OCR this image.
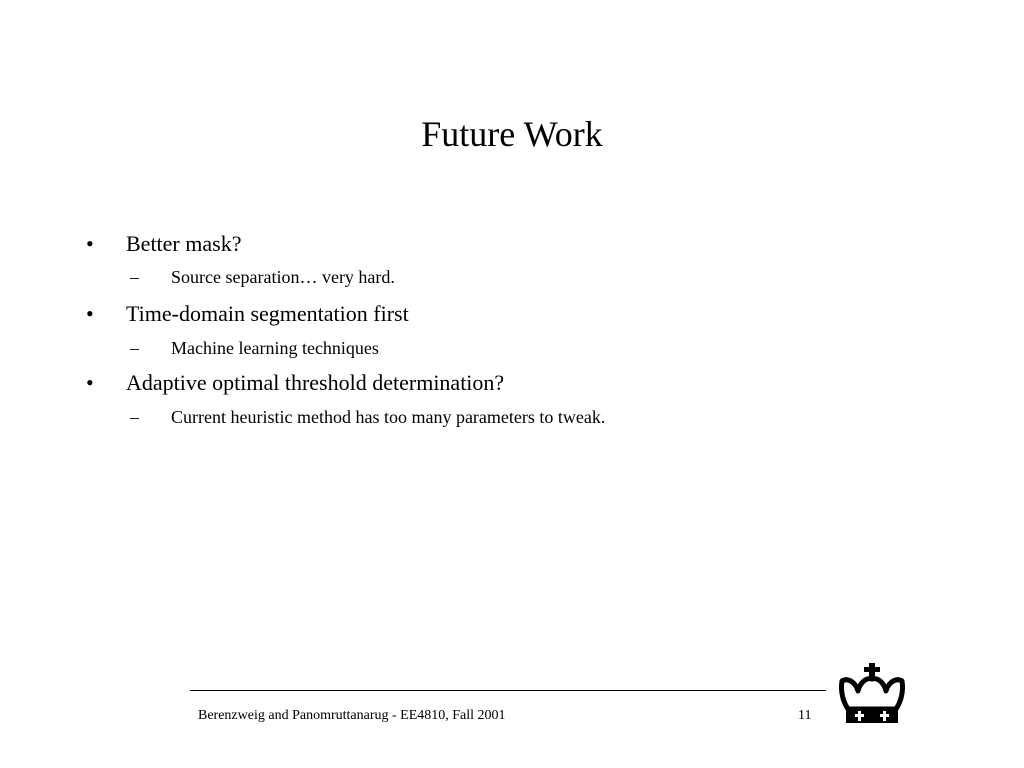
Future Work
• Better mask?
– Source separation… very hard.
• Time-domain segmentation first
– Machine learning techniques
• Adaptive optimal threshold determination?
– Current heuristic method has too many parameters to tweak.
Berenzweig and Panomruttanarug - EE4810, Fall 2001	11
